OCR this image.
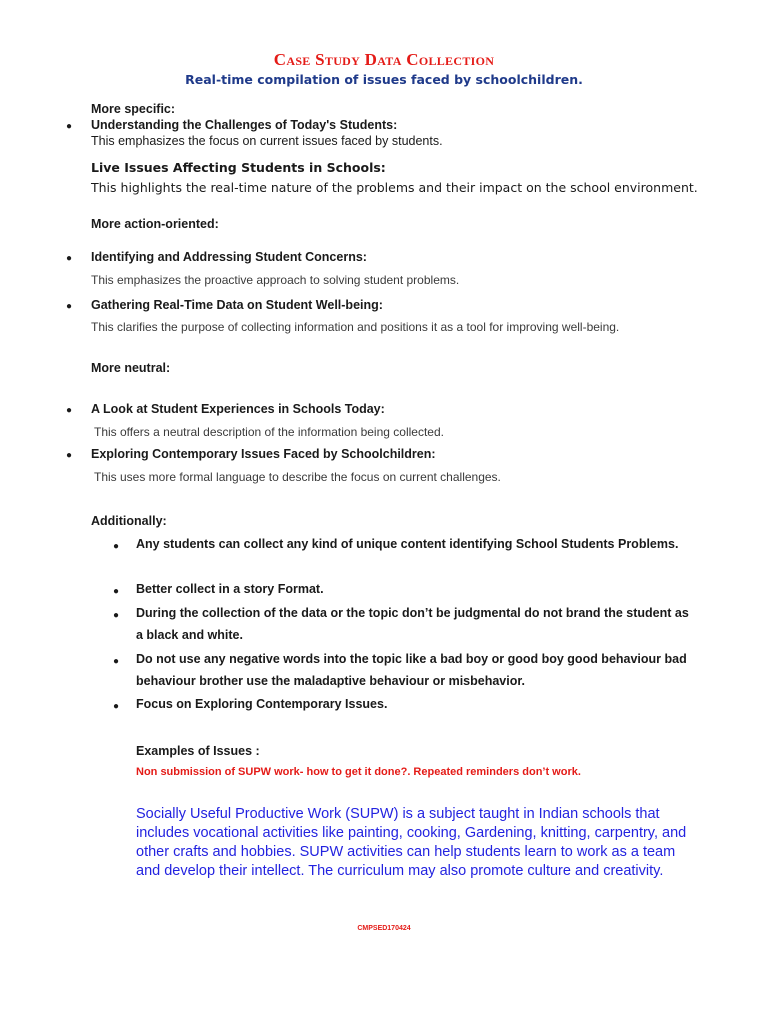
Case Study Data Collection
Real-time compilation of issues faced by schoolchildren.
More specific:
● Understanding the Challenges of Today's Students:
This emphasizes the focus on current issues faced by students.
Live Issues Affecting Students in Schools:
This highlights the real-time nature of the problems and their impact on the school environment.
More action-oriented:
● Identifying and Addressing Student Concerns:
This emphasizes the proactive approach to solving student problems.
● Gathering Real-Time Data on Student Well-being:
This clarifies the purpose of collecting information and positions it as a tool for improving well-being.
More neutral:
● A Look at Student Experiences in Schools Today:
This offers a neutral description of the information being collected.
● Exploring Contemporary Issues Faced by Schoolchildren:
This uses more formal language to describe the focus on current challenges.
Additionally:
● Any students can collect any kind of unique content identifying School Students Problems.
● Better collect in a story Format.
● During the collection of the data or the topic don’t be judgmental do not brand the student as a black and white.
● Do not use any negative words into the topic like a bad boy or good boy good behaviour bad behaviour brother use the maladaptive behaviour or misbehavior.
● Focus on Exploring Contemporary Issues.
Examples of Issues :
Non submission of SUPW work- how to get it done?. Repeated reminders don’t work.
Socially Useful Productive Work (SUPW) is a subject taught in Indian schools that includes vocational activities like painting, cooking, Gardening, knitting, carpentry, and other crafts and hobbies. SUPW activities can help students learn to work as a team and develop their intellect. The curriculum may also promote culture and creativity.
CMPSED170424
